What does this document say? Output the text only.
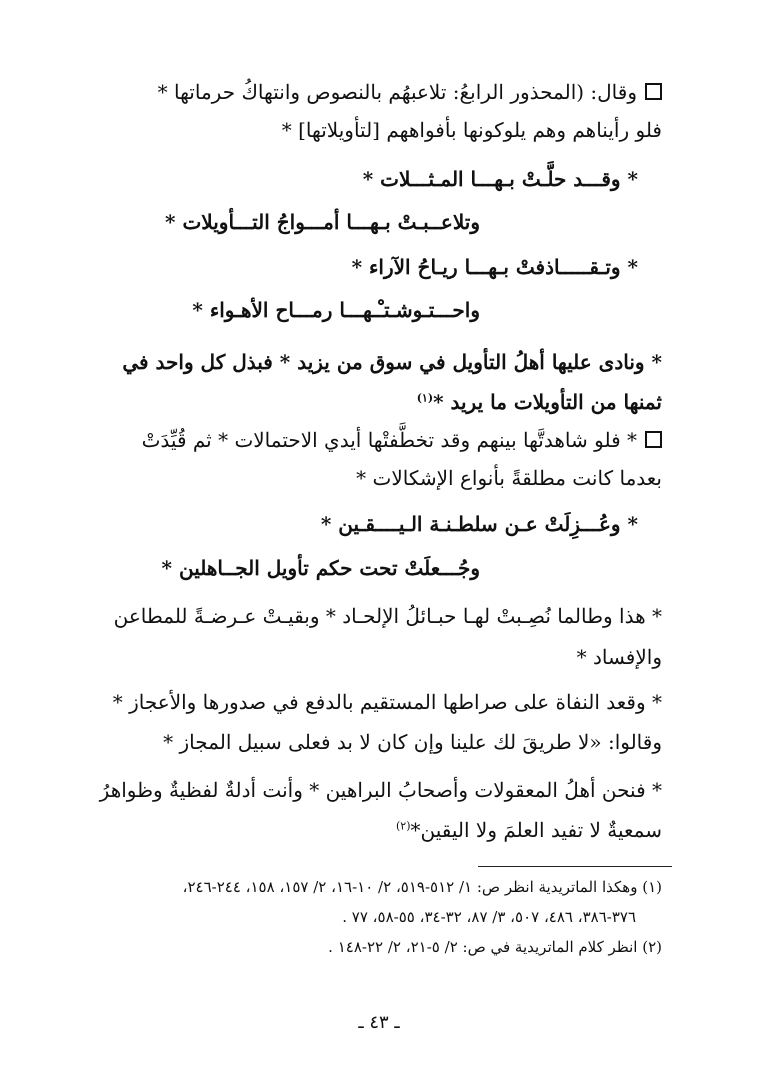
وقال: (المحذور الرابعُ: تلاعبهُم بالنصوص وانتهاكُ حرماتها *
فلو رأيناهم وهم يلوكونها بأفواههم [لتأويلاتها] *
* وقـــد حلَّـتْ بـهـــا المـثـــلات *
وتلاعــبـتْ بـهـــا أمـــواجُ التـــأويلات *
* وتـقـــــاذفتْ بـهـــا ريـاحُ الآراء *
واحـــتـوشـتـْـهـــا رمـــاح الأهـواء *
* ونادى عليها أهلُ التأويل في سوق من يزيد * فبذل كل واحد في
ثمنها من التأويلات ما يريد *$^{(١)}$
* فلو شاهدتَّها بينهم وقد تخطَّفتْها أيدي الاحتمالات * ثم قُيِّدَتْ
بعدما كانت مطلقةً بأنواع الإشكالات *
* وعُـــزِلَتْ عـن سلطـنـة الـيــــقـين *
وجُـــعلَتْ تحت حكم تأويل الجــاهلين *
* هذا وطالما نُصِـبتْ لهـا حبـائلُ الإلحـاد * وبقيـتْ عـرضـةً للمطاعن
والإفساد *
* وقعد النفاة على صراطها المستقيم بالدفع في صدورها والأعجاز *
وقالوا: «لا طريقَ لك علينا وإن كان لا بد فعلى سبيل المجاز *
* فنحن أهلُ المعقولات وأصحابُ البراهين * وأنت أدلةٌ لفظيةٌ وظواهرُ
سمعيةٌ لا تفيد العلمَ ولا اليقين*$^{(٢)}$
(١) وهكذا الماتريدية انظر ص: ١/ ٥١٢-٥١٩، ٢/ ١٠-١٦، ٢/ ١٥٧، ١٥٨، ٢٤٤-٢٤٦،
٣٧٦-٣٨٦، ٤٨٦، ٥٠٧، ٣/ ٨٧، ٣٢-٣٤، ٥٥-٥٨، ٧٧ .
(٢) انظر كلام الماتريدية في ص: ٢/ ٥-٢١، ٢/ ٢٢-١٤٨ .
ـ ٤٣ ـ
